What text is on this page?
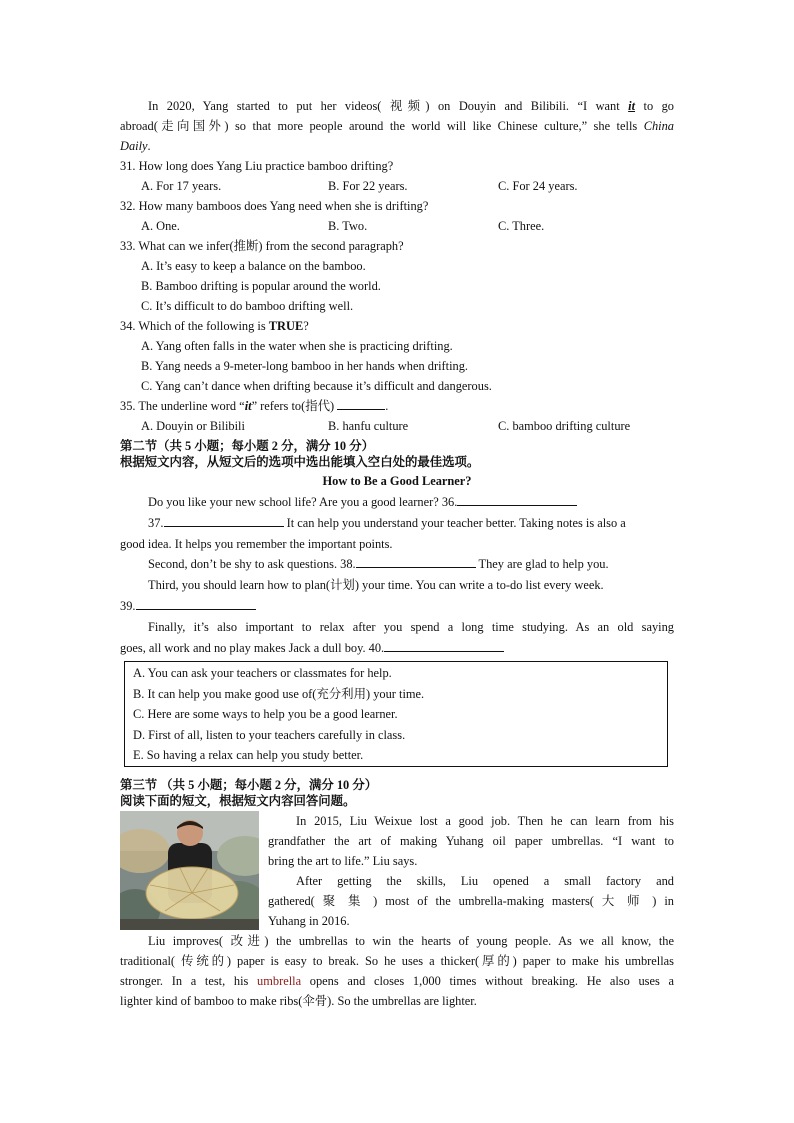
In 2020, Yang started to put her videos( 视频) on Douyin and Bilibili. “I want it to go
abroad(走向国外) so that more people around the world will like Chinese culture,” she tells China
Daily.
31. How long does Yang Liu practice bamboo drifting?
A. For 17 years.	B. For 22 years.	C. For 24 years.
32. How many bamboos does Yang need when she is drifting?
A. One.	B. Two.	C. Three.
33. What can we infer(推断) from the second paragraph?
A. It’s easy to keep a balance on the bamboo.
B. Bamboo drifting is popular around the world.
C. It’s difficult to do bamboo drifting well.
34. Which of the following is TRUE?
A. Yang often falls in the water when she is practicing drifting.
B. Yang needs a 9-meter-long bamboo in her hands when drifting.
C. Yang can’t dance when drifting because it’s difficult and dangerous.
35. The underline word “it” refers to(指代)	.
A. Douyin or Bilibili	B. hanfu culture	C. bamboo drifting culture
第二节（共 5 小题；每小题 2 分，满分 10 分）
根据短文内容，从短文后的选项中选出能填入空白处的最佳选项。
How to Be a Good Learner?
Do you like your new school life? Are you a good learner? 36.
37.	It can help you understand your teacher better. Taking notes is also a
good idea. It helps you remember the important points.
Second, don’t be shy to ask questions. 38.	They are glad to help you.
Third, you should learn how to plan(计划) your time. You can write a to-do list every week.
39.
Finally, it’s also important to relax after you spend a long time studying. As an old saying
goes, all work and no play makes Jack a dull boy. 40.
A. You can ask your teachers or classmates for help.
B. It can help you make good use of(充分利用) your time.
C. Here are some ways to help you be a good learner.
D. First of all, listen to your teachers carefully in class.
E. So having a relax can help you study better.
第三节 （共 5 小题；每小题 2 分，满分 10 分）
阅读下面的短文，根据短文内容回答问题。
In 2015, Liu Weixue lost a good job. Then he can learn from his
grandfather the art of making Yuhang oil paper umbrellas. “I want to
bring the art to life.” Liu says.
After getting the skills, Liu opened a small factory and
gathered( 聚 集 ) most of the umbrella-making masters( 大 师 ) in
Yuhang in 2016.
Liu improves( 改进) the umbrellas to win the hearts of young people. As we all know, the
traditional( 传统的) paper is easy to break. So he uses a thicker(厚的) paper to make his umbrellas
stronger. In a test, his umbrella opens and closes 1,000 times without breaking. He also uses a
lighter kind of bamboo to make ribs(伞骨). So the umbrellas are lighter.
